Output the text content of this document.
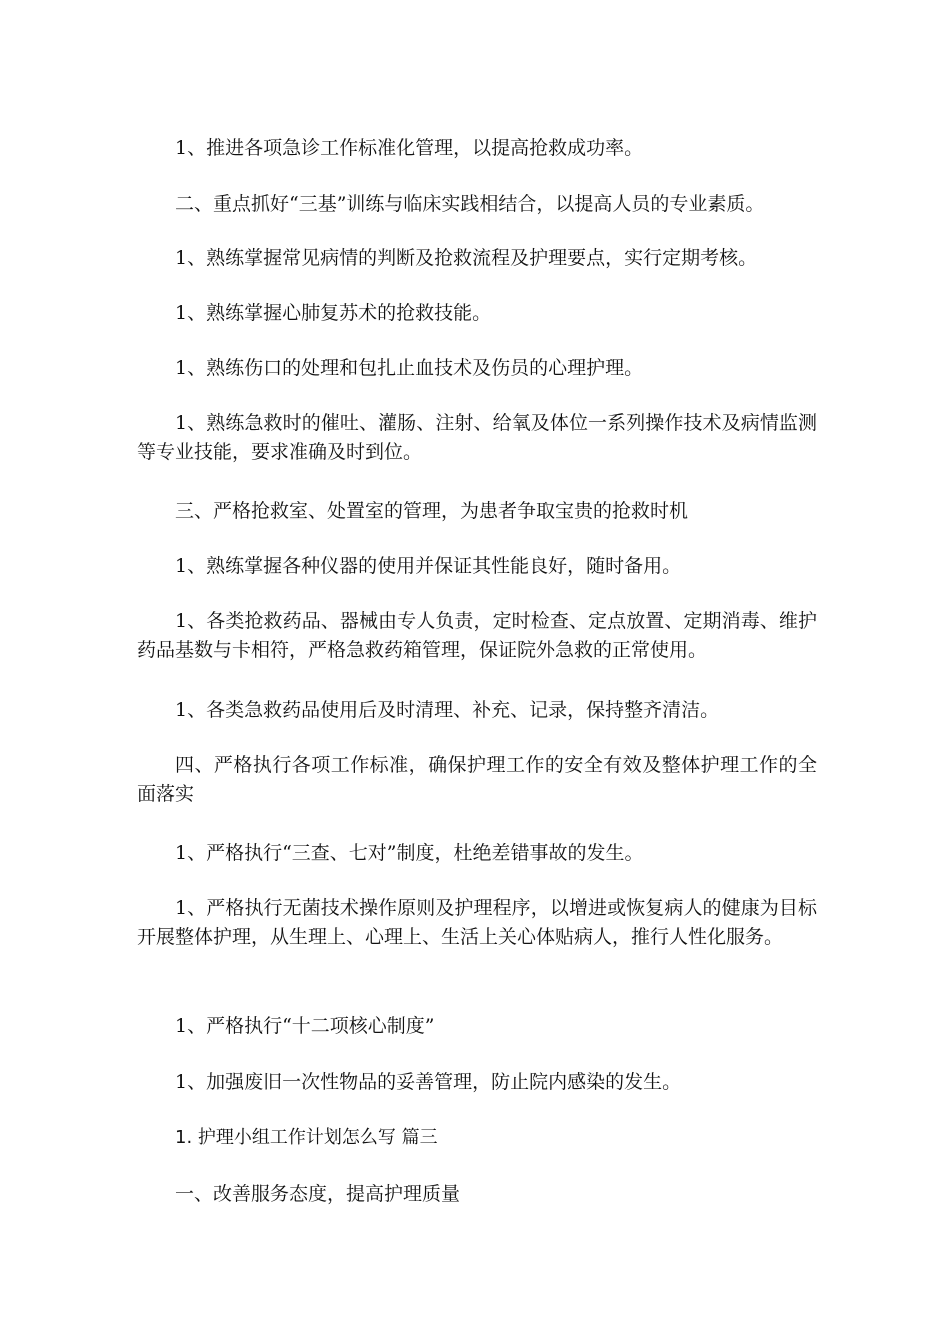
1、推进各项急诊工作标准化管理，以提高抢救成功率。

二、重点抓好“三基”训练与临床实践相结合，以提高人员的专业素质。

1、熟练掌握常见病情的判断及抢救流程及护理要点，实行定期考核。

1、熟练掌握心肺复苏术的抢救技能。

1、熟练伤口的处理和包扎止血技术及伤员的心理护理。

1、熟练急救时的催吐、灌肠、注射、给氧及体位一系列操作技术及病情监测等专业技能，要求准确及时到位。

三、严格抢救室、处置室的管理，为患者争取宝贵的抢救时机

1、熟练掌握各种仪器的使用并保证其性能良好，随时备用。

1、各类抢救药品、器械由专人负责，定时检查、定点放置、定期消毒、维护药品基数与卡相符，严格急救药箱管理，保证院外急救的正常使用。

1、各类急救药品使用后及时清理、补充、记录，保持整齐清洁。

四、严格执行各项工作标准，确保护理工作的安全有效及整体护理工作的全面落实

1、严格执行“三查、七对”制度，杜绝差错事故的发生。

1、严格执行无菌技术操作原则及护理程序，以增进或恢复病人的健康为目标开展整体护理，从生理上、心理上、生活上关心体贴病人，推行人性化服务。

1、严格执行“十二项核心制度”

1、加强废旧一次性物品的妥善管理，防止院内感染的发生。

1. 护理小组工作计划怎么写 篇三

一、改善服务态度，提高护理质量
